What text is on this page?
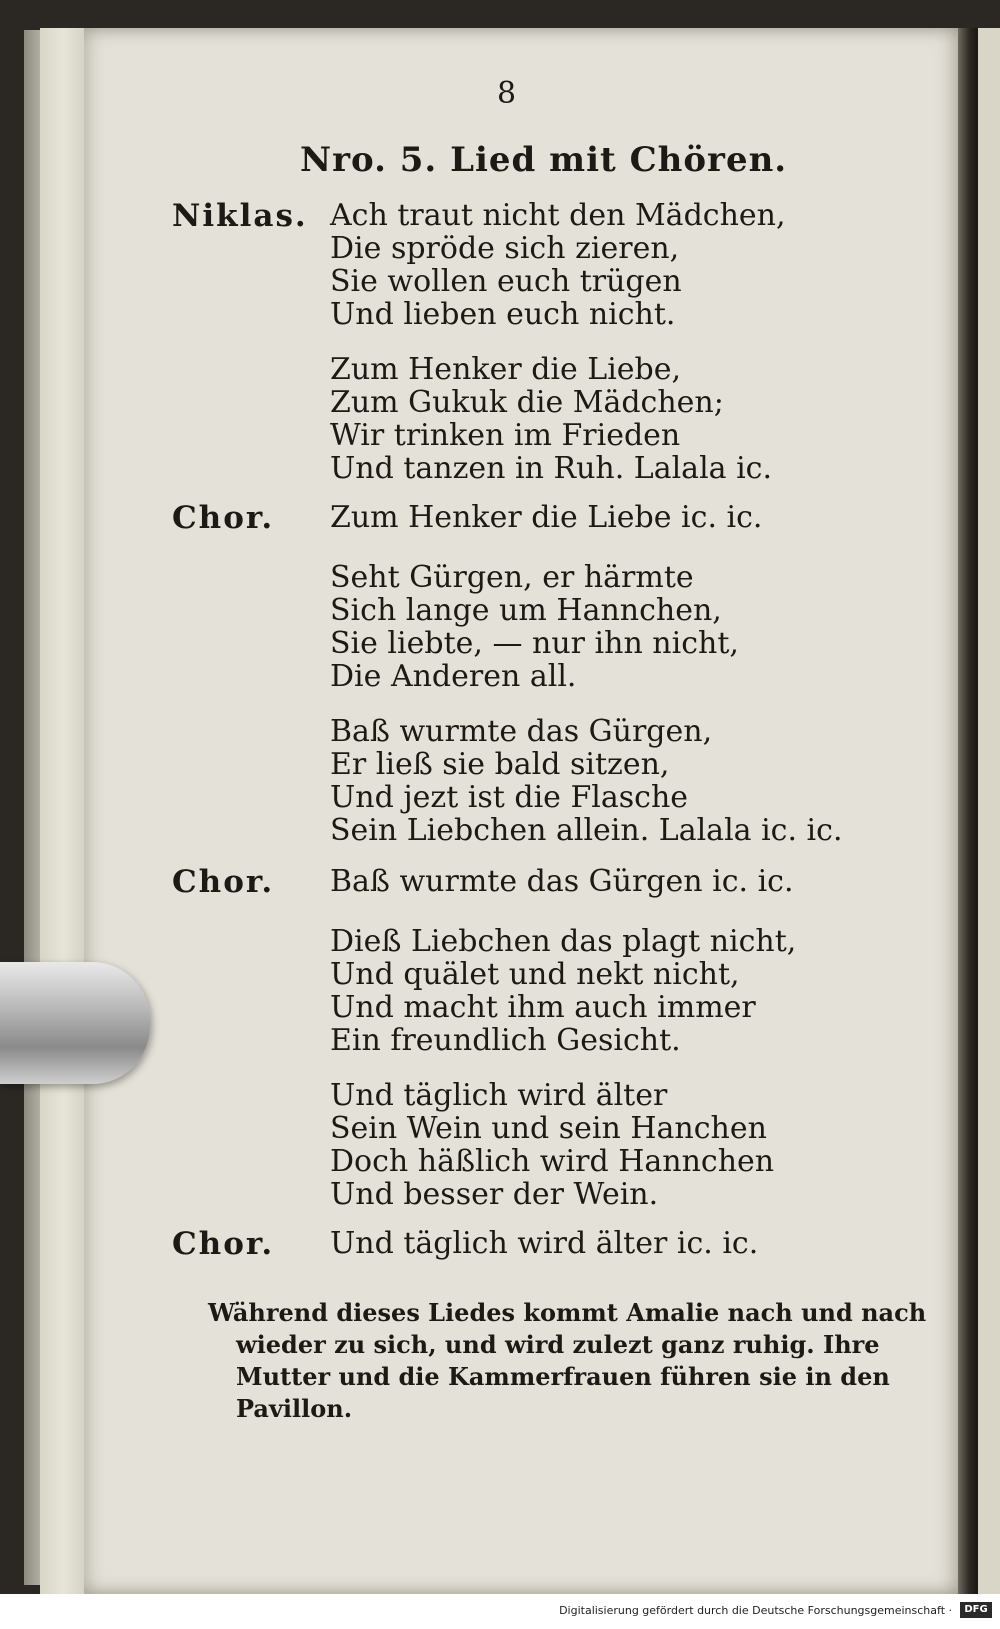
8
Nro. 5. Lied mit Chören.
Niklas. Ach traut nicht den Mädchen,
Die spröde sich zieren,
Sie wollen euch trügen
Und lieben euch nicht.
Zum Henker die Liebe,
Zum Gukuk die Mädchen;
Wir trinken im Frieden
Und tanzen in Ruh. Lalala ic.
Chor. Zum Henker die Liebe ic. ic.
Seht Gürgen, er härmte
Sich lange um Hannchen,
Sie liebte, — nur ihn nicht,
Die Anderen all.
Baß wurmte das Gürgen,
Er ließ sie bald sitzen,
Und jezt ist die Flasche
Sein Liebchen allein. Lalala ic. ic.
Chor. Baß wurmte das Gürgen ic. ic.
Dieß Liebchen das plagt nicht,
Und quälet und nekt nicht,
Und macht ihm auch immer
Ein freundlich Gesicht.
Und täglich wird älter
Sein Wein und sein Hanchen
Doch häßlich wird Hannchen
Und besser der Wein.
Chor. Und täglich wird älter ic. ic.
Während dieses Liedes kommt Amalie nach und nach
wieder zu sich, und wird zulezt ganz ruhig. Ihre
Mutter und die Kammerfrauen führen sie in den
Pavillon.
Digitalisierung gefördert durch die Deutsche Forschungsgemeinschaft ·	DFG
